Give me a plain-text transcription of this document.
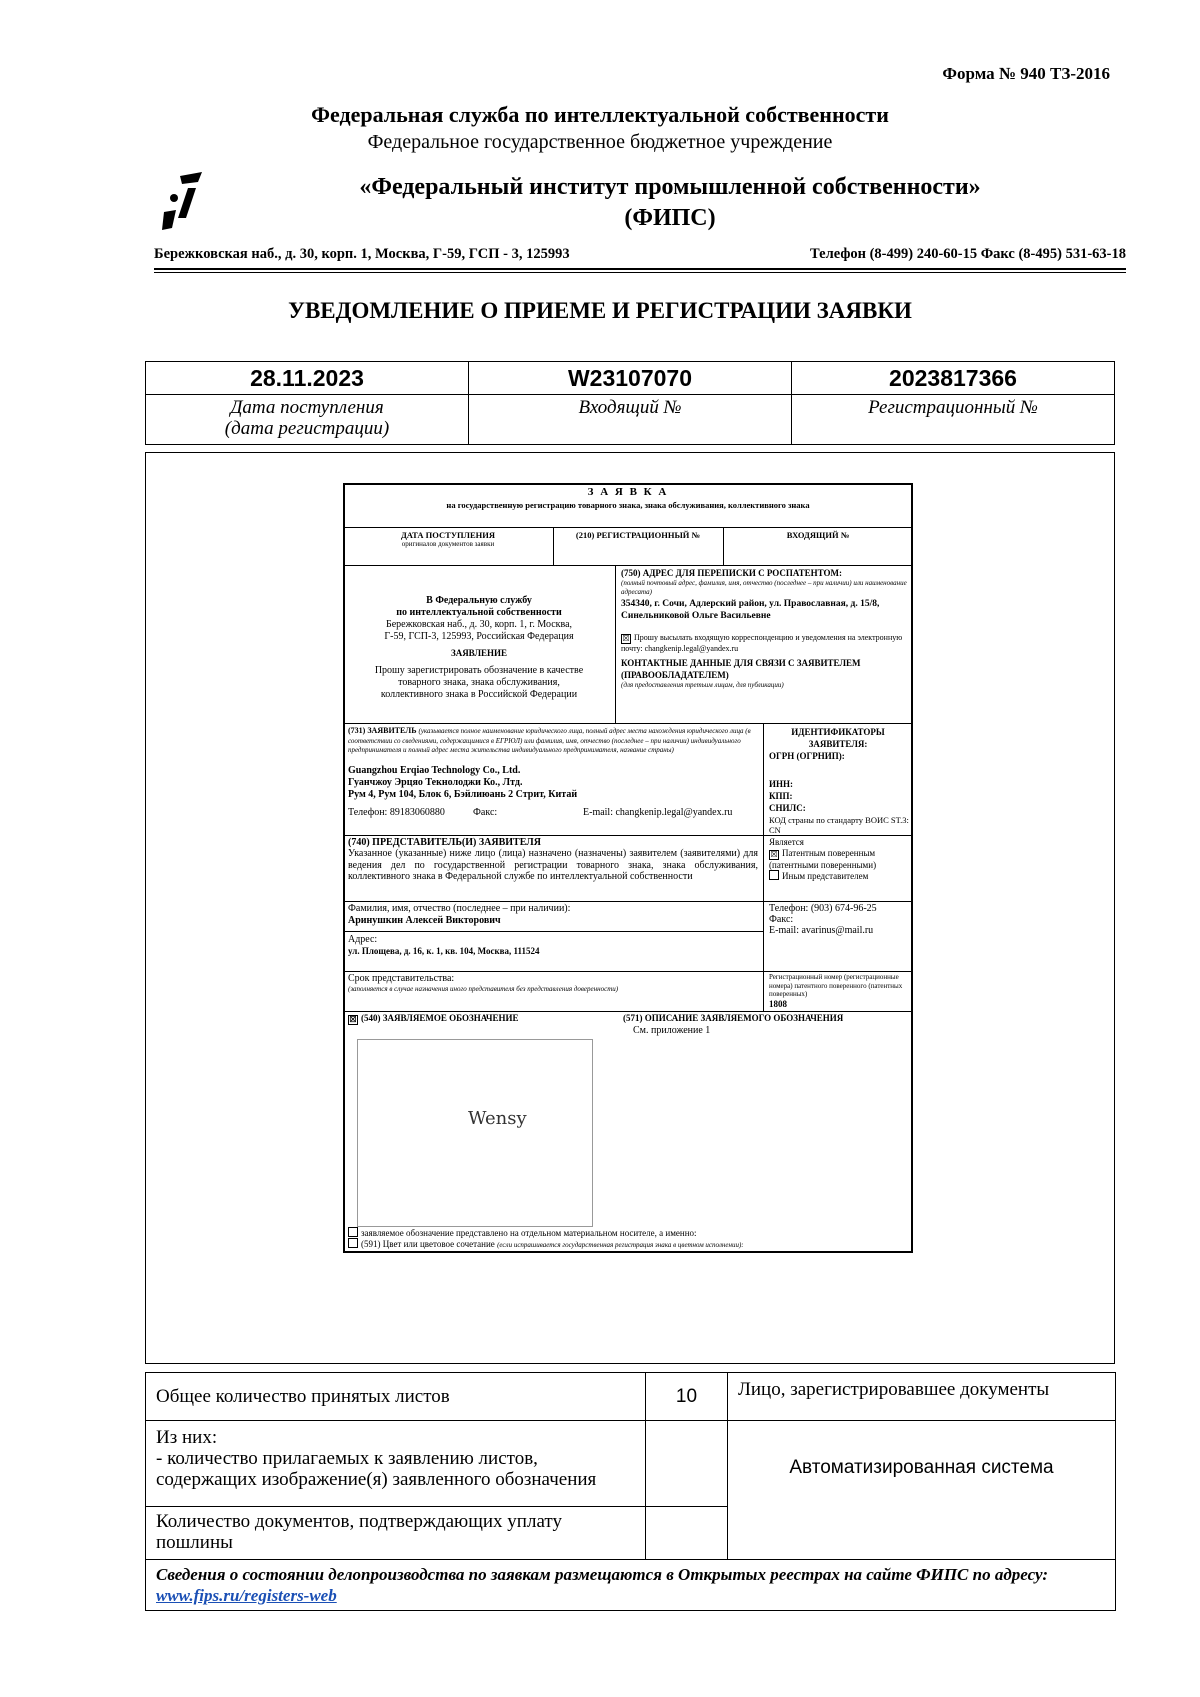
Форма № 940 ТЗ-2016
Федеральная служба по интеллектуальной собственности
Федеральное государственное бюджетное учреждение
«Федеральный институт промышленной собственности»
(ФИПС)
Бережковская наб., д. 30, корп. 1, Москва, Г-59, ГСП - 3, 125993	Телефон (8-499) 240-60-15 Факс (8-495) 531-63-18
УВЕДОМЛЕНИЕ О ПРИЕМЕ И РЕГИСТРАЦИИ ЗАЯВКИ
28.11.2023	W23107070	2023817366

Дата поступления
(дата регистрации)	Входящий №	Регистрационный №
З А Я В К А
на государственную регистрацию товарного знака, знака обслуживания, коллективного знака
ДАТА ПОСТУПЛЕНИЯ
оригиналов документов заявки
(210) РЕГИСТРАЦИОННЫЙ №	ВХОДЯЩИЙ №
В Федеральную службу
по интеллектуальной собственности
Бережковская наб., д. 30, корп. 1, г. Москва,
Г-59, ГСП-3, 125993, Российская Федерация
ЗАЯВЛЕНИЕ
Прошу зарегистрировать обозначение в качестве
товарного знака, знака обслуживания,
коллективного знака в Российской Федерации
(750) АДРЕС ДЛЯ ПЕРЕПИСКИ С РОСПАТЕНТОМ:
(полный почтовый адрес, фамилия, имя, отчество (последнее – при наличии) или наименование адресата)
354340, г. Сочи, Адлерский район, ул. Православная, д. 15/8, Синельниковой Ольге Васильевне
☒ Прошу высылать входящую корреспонденцию и уведомления на электронную почту: changkenip.legal@yandex.ru
КОНТАКТНЫЕ ДАННЫЕ ДЛЯ СВЯЗИ С ЗАЯВИТЕЛЕМ (ПРАВООБЛАДАТЕЛЕМ)
(для предоставления третьим лицам, для публикации)
(731) ЗАЯВИТЕЛЬ (указывается полное наименование юридического лица, полный адрес места нахождения юридического лица (в соответствии со сведениями, содержащимися в ЕГРЮЛ) или фамилия, имя, отчество (последнее – при наличии) индивидуального предпринимателя и полный адрес места жительства индивидуального предпринимателя, название страны)
Guangzhou Erqiao Technology Co., Ltd.
Гуанчжоу Эрцяо Текнолоджи Ко., Лтд.
Рум 4, Рум 104, Блок 6, Бэйлиюань 2 Стрит, Китай
Телефон: 89183060880	Факс:	E-mail: changkenip.legal@yandex.ru
ИДЕНТИФИКАТОРЫ ЗАЯВИТЕЛЯ:
ОГРН (ОГРНИП):
ИНН:
КПП:
СНИЛС:
КОД страны по стандарту ВОИС ST.3: CN
(740) ПРЕДСТАВИТЕЛЬ(И) ЗАЯВИТЕЛЯ
Указанное (указанные) ниже лицо (лица) назначено (назначены) заявителем (заявителями) для ведения дел по государственной регистрации товарного знака, знака обслуживания, коллективного знака в Федеральной службе по интеллектуальной собственности
Является
☒ Патентным поверенным (патентными поверенными)
Иным представителем
Фамилия, имя, отчество (последнее – при наличии):
Аринушкин Алексей Викторович
Телефон: (903) 674-96-25
Факс:
E-mail: avarinus@mail.ru
Адрес:
ул. Площева, д. 16, к. 1, кв. 104, Москва, 111524
Срок представительства:
(заполняется в случае назначения иного представителя без представления доверенности)
Регистрационный номер (регистрационные номера) патентного поверенного (патентных поверенных)
1808
☒ (540) ЗАЯВЛЯЕМОЕ ОБОЗНАЧЕНИЕ	(571) ОПИСАНИЕ ЗАЯВЛЯЕМОГО ОБОЗНАЧЕНИЯ
См. приложение 1
Wensy
заявляемое обозначение представлено на отдельном материальном носителе, а именно:
(591) Цвет или цветовое сочетание (если испрашивается государственная регистрация знака в цветном исполнении):
Общее количество принятых листов	10	Лицо, зарегистрировавшее документы

Из них:
- количество прилагаемых к заявлению листов,
содержащих изображение(я) заявленного обозначения		Автоматизированная система
Количество документов, подтверждающих уплату пошлины		
Сведения о состоянии делопроизводства по заявкам размещаются в Открытых реестрах на сайте ФИПС по адресу: www.fips.ru/registers-web		
